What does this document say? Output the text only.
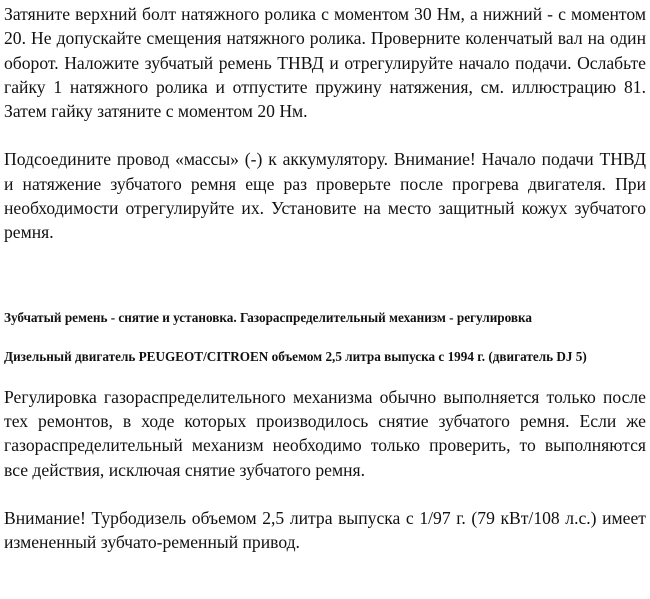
Затяните верхний болт натяжного ролика с моментом 30 Нм, а нижний - с моментом 20. Не допускайте смещения натяжного ролика. Проверните коленчатый вал на один оборот. Наложите зубчатый ремень ТНВД и отрегулируйте начало подачи. Ослабьте гайку 1 натяжного ролика и отпустите пружину натяжения, см. иллюстрацию 81. Затем гайку затяните с моментом 20 Нм.

Подсоедините провод «массы» (-) к аккумулятору. Внимание! Начало подачи ТНВД и натяжение зубчатого ремня еще раз проверьте после прогрева двигателя. При необходимости отрегулируйте их. Установите на место защитный кожух зубчатого ремня.

Зубчатый ремень - снятие и установка. Газораспределительный механизм - регулировка

Дизельный двигатель PEUGEOT/CITROEN объемом 2,5 литра выпуска с 1994 г. (двигатель DJ 5)

Регулировка газораспределительного механизма обычно выполняется только после тех ремонтов, в ходе которых производилось снятие зубчатого ремня. Если же газораспределительный механизм необходимо только проверить, то выполняются все действия, исключая снятие зубчатого ремня.

Внимание! Турбодизель объемом 2,5 литра выпуска с 1/97 г. (79 кВт/108 л.с.) имеет измененный зубчато-ременный привод.
